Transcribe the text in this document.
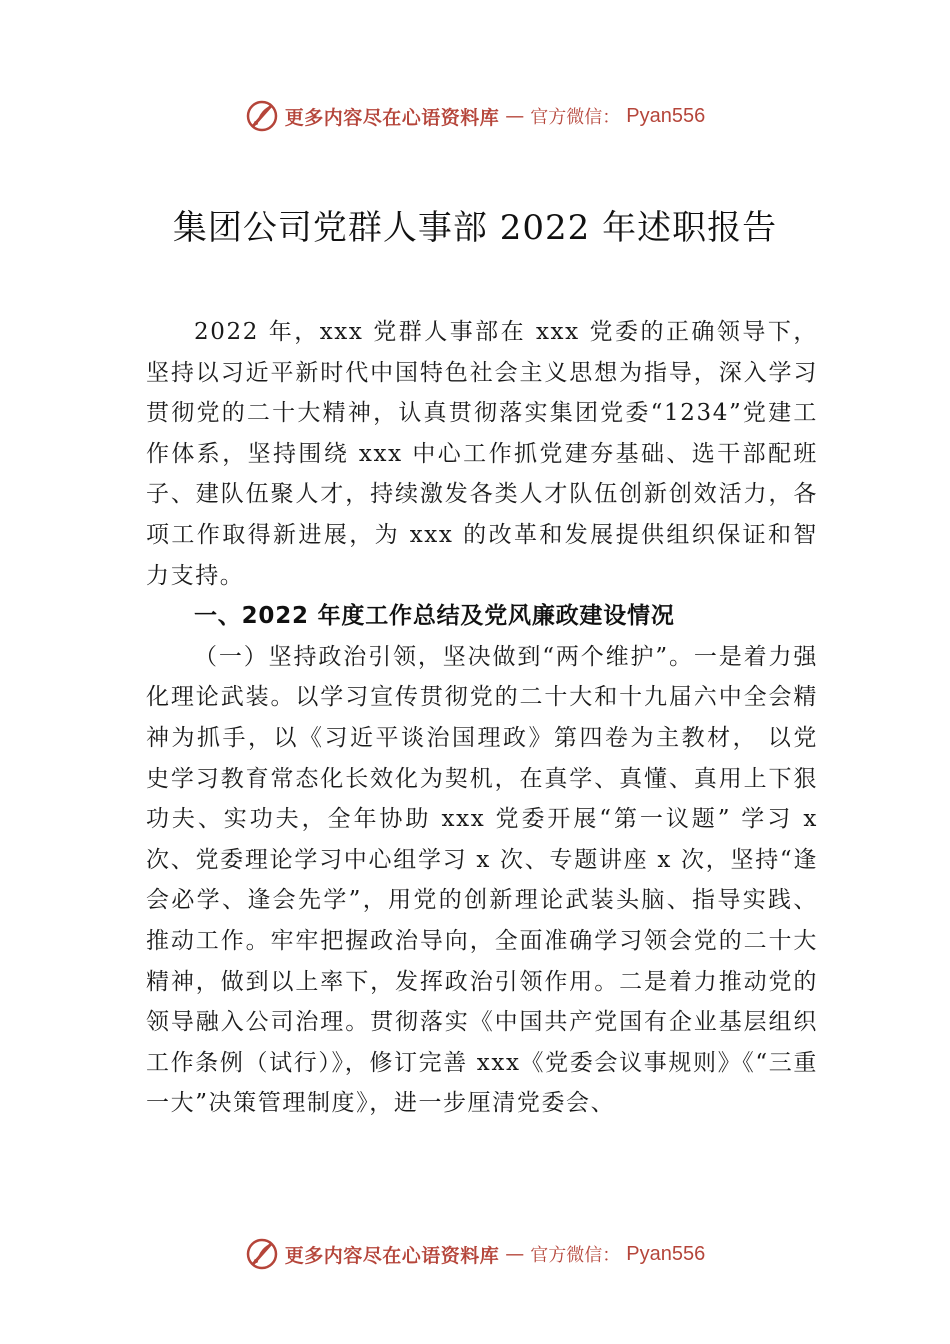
更多内容尽在心语资料库 — 官方微信： Pyan556
集团公司党群人事部 2022 年述职报告

2022 年，xxx 党群人事部在 xxx 党委的正确领导下，坚持以习近平新时代中国特色社会主义思想为指导，深入学习贯彻党的二十大精神，认真贯彻落实集团党委“1234”党建工作体系，坚持围绕 xxx 中心工作抓党建夯基础、选干部配班子、建队伍聚人才，持续激发各类人才队伍创新创效活力，各项工作取得新进展，为 xxx 的改革和发展提供组织保证和智力支持。

一、2022 年度工作总结及党风廉政建设情况

（一）坚持政治引领，坚决做到“两个维护”。一是着力强化理论武装。以学习宣传贯彻党的二十大和十九届六中全会精神为抓手，以《习近平谈治国理政》第四卷为主教材， 以党史学习教育常态化长效化为契机，在真学、真懂、真用上下狠功夫、实功夫，全年协助 xxx 党委开展“第一议题” 学习 x 次、党委理论学习中心组学习 x 次、专题讲座 x 次，坚持“逢会必学、逢会先学”，用党的创新理论武装头脑、指导实践、推动工作。牢牢把握政治导向，全面准确学习领会党的二十大精神，做到以上率下，发挥政治引领作用。二是着力推动党的领导融入公司治理。贯彻落实《中国共产党国有企业基层组织工作条例（试行）》，修订完善 xxx《党委会议事规则》《“三重一大”决策管理制度》，进一步厘清党委会、

更多内容尽在心语资料库 — 官方微信： Pyan556
